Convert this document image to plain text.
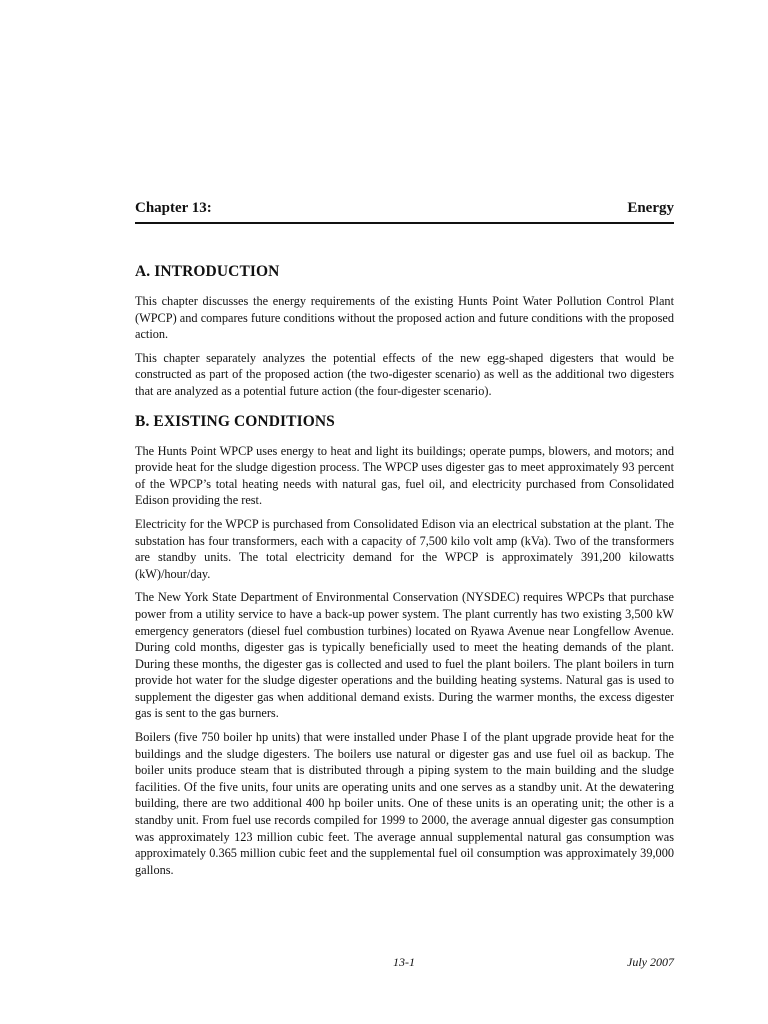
Chapter 13:	Energy
A. INTRODUCTION

This chapter discusses the energy requirements of the existing Hunts Point Water Pollution Control Plant (WPCP) and compares future conditions without the proposed action and future conditions with the proposed action.

This chapter separately analyzes the potential effects of the new egg-shaped digesters that would be constructed as part of the proposed action (the two-digester scenario) as well as the additional two digesters that are analyzed as a potential future action (the four-digester scenario).

B. EXISTING CONDITIONS

The Hunts Point WPCP uses energy to heat and light its buildings; operate pumps, blowers, and motors; and provide heat for the sludge digestion process. The WPCP uses digester gas to meet approximately 93 percent of the WPCP’s total heating needs with natural gas, fuel oil, and electricity purchased from Consolidated Edison providing the rest.

Electricity for the WPCP is purchased from Consolidated Edison via an electrical substation at the plant. The substation has four transformers, each with a capacity of 7,500 kilo volt amp (kVa). Two of the transformers are standby units. The total electricity demand for the WPCP is approximately 391,200 kilowatts (kW)/hour/day.

The New York State Department of Environmental Conservation (NYSDEC) requires WPCPs that purchase power from a utility service to have a back-up power system. The plant currently has two existing 3,500 kW emergency generators (diesel fuel combustion turbines) located on Ryawa Avenue near Longfellow Avenue. During cold months, digester gas is typically beneficially used to meet the heating demands of the plant. During these months, the digester gas is collected and used to fuel the plant boilers. The plant boilers in turn provide hot water for the sludge digester operations and the building heating systems. Natural gas is used to supplement the digester gas when additional demand exists. During the warmer months, the excess digester gas is sent to the gas burners.

Boilers (five 750 boiler hp units) that were installed under Phase I of the plant upgrade provide heat for the buildings and the sludge digesters. The boilers use natural or digester gas and use fuel oil as backup. The boiler units produce steam that is distributed through a piping system to the main building and the sludge facilities. Of the five units, four units are operating units and one serves as a standby unit. At the dewatering building, there are two additional 400 hp boiler units. One of these units is an operating unit; the other is a standby unit. From fuel use records compiled for 1999 to 2000, the average annual digester gas consumption was approximately 123 million cubic feet. The average annual supplemental natural gas consumption was approximately 0.365 million cubic feet and the supplemental fuel oil consumption was approximately 39,000 gallons.

13-1	July 2007
